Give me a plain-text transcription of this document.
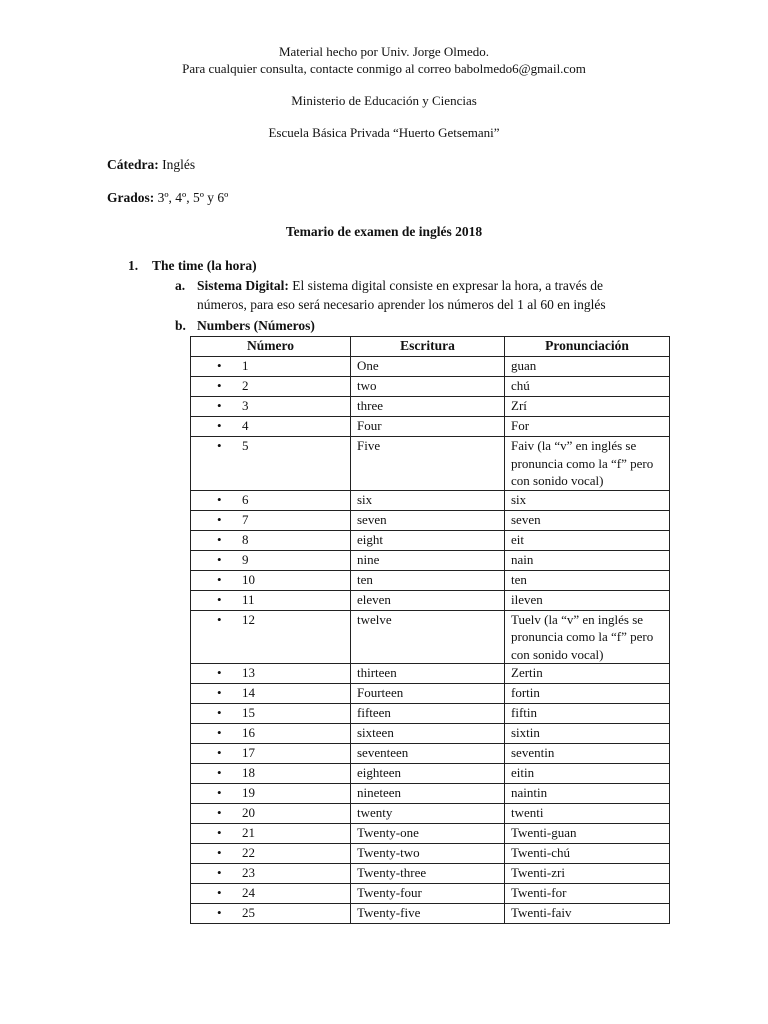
Material hecho por Univ. Jorge Olmedo.
Para cualquier consulta, contacte conmigo al correo babolmedo6@gmail.com
Ministerio de Educación y Ciencias
Escuela Básica Privada “Huerto Getsemani”
Cátedra: Inglés
Grados: 3º, 4º, 5º y 6º
Temario de examen de inglés 2018
1. The time (la hora)
a. Sistema Digital: El sistema digital consiste en expresar la hora, a través de
números, para eso será necesario aprender los números del 1 al 60 en inglés
b. Numbers (Números)
Número	Escritura	Pronunciación
• 1	One	guan
• 2	two	chú
• 3	three	Zrí
• 4	Four	For
• 5	Five	Faiv (la “v” en inglés se pronuncia como la “f” pero con sonido vocal)
• 6	six	six
• 7	seven	seven
• 8	eight	eit
• 9	nine	nain
• 10	ten	ten
• 11	eleven	ileven
• 12	twelve	Tuelv (la “v” en inglés se pronuncia como la “f” pero con sonido vocal)
• 13	thirteen	Zertin
• 14	Fourteen	fortin
• 15	fifteen	fiftin
• 16	sixteen	sixtin
• 17	seventeen	seventin
• 18	eighteen	eitin
• 19	nineteen	naintin
• 20	twenty	twenti
• 21	Twenty-one	Twenti-guan
• 22	Twenty-two	Twenti-chú
• 23	Twenty-three	Twenti-zri
• 24	Twenty-four	Twenti-for
• 25	Twenty-five	Twenti-faiv
